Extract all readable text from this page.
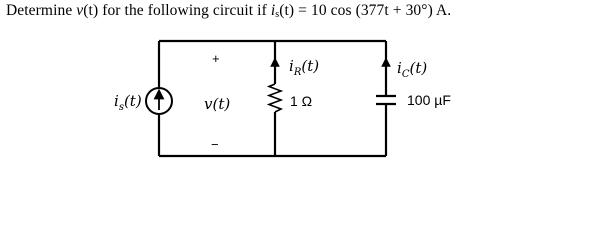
Determine v(t) for the following circuit if $i_s(t) = 10$ cos (377t + 30°) A.
$i_s(t)$
+
v(t)
−
$i_R(t)$
1 Ω
$i_C(t)$
100 µF
